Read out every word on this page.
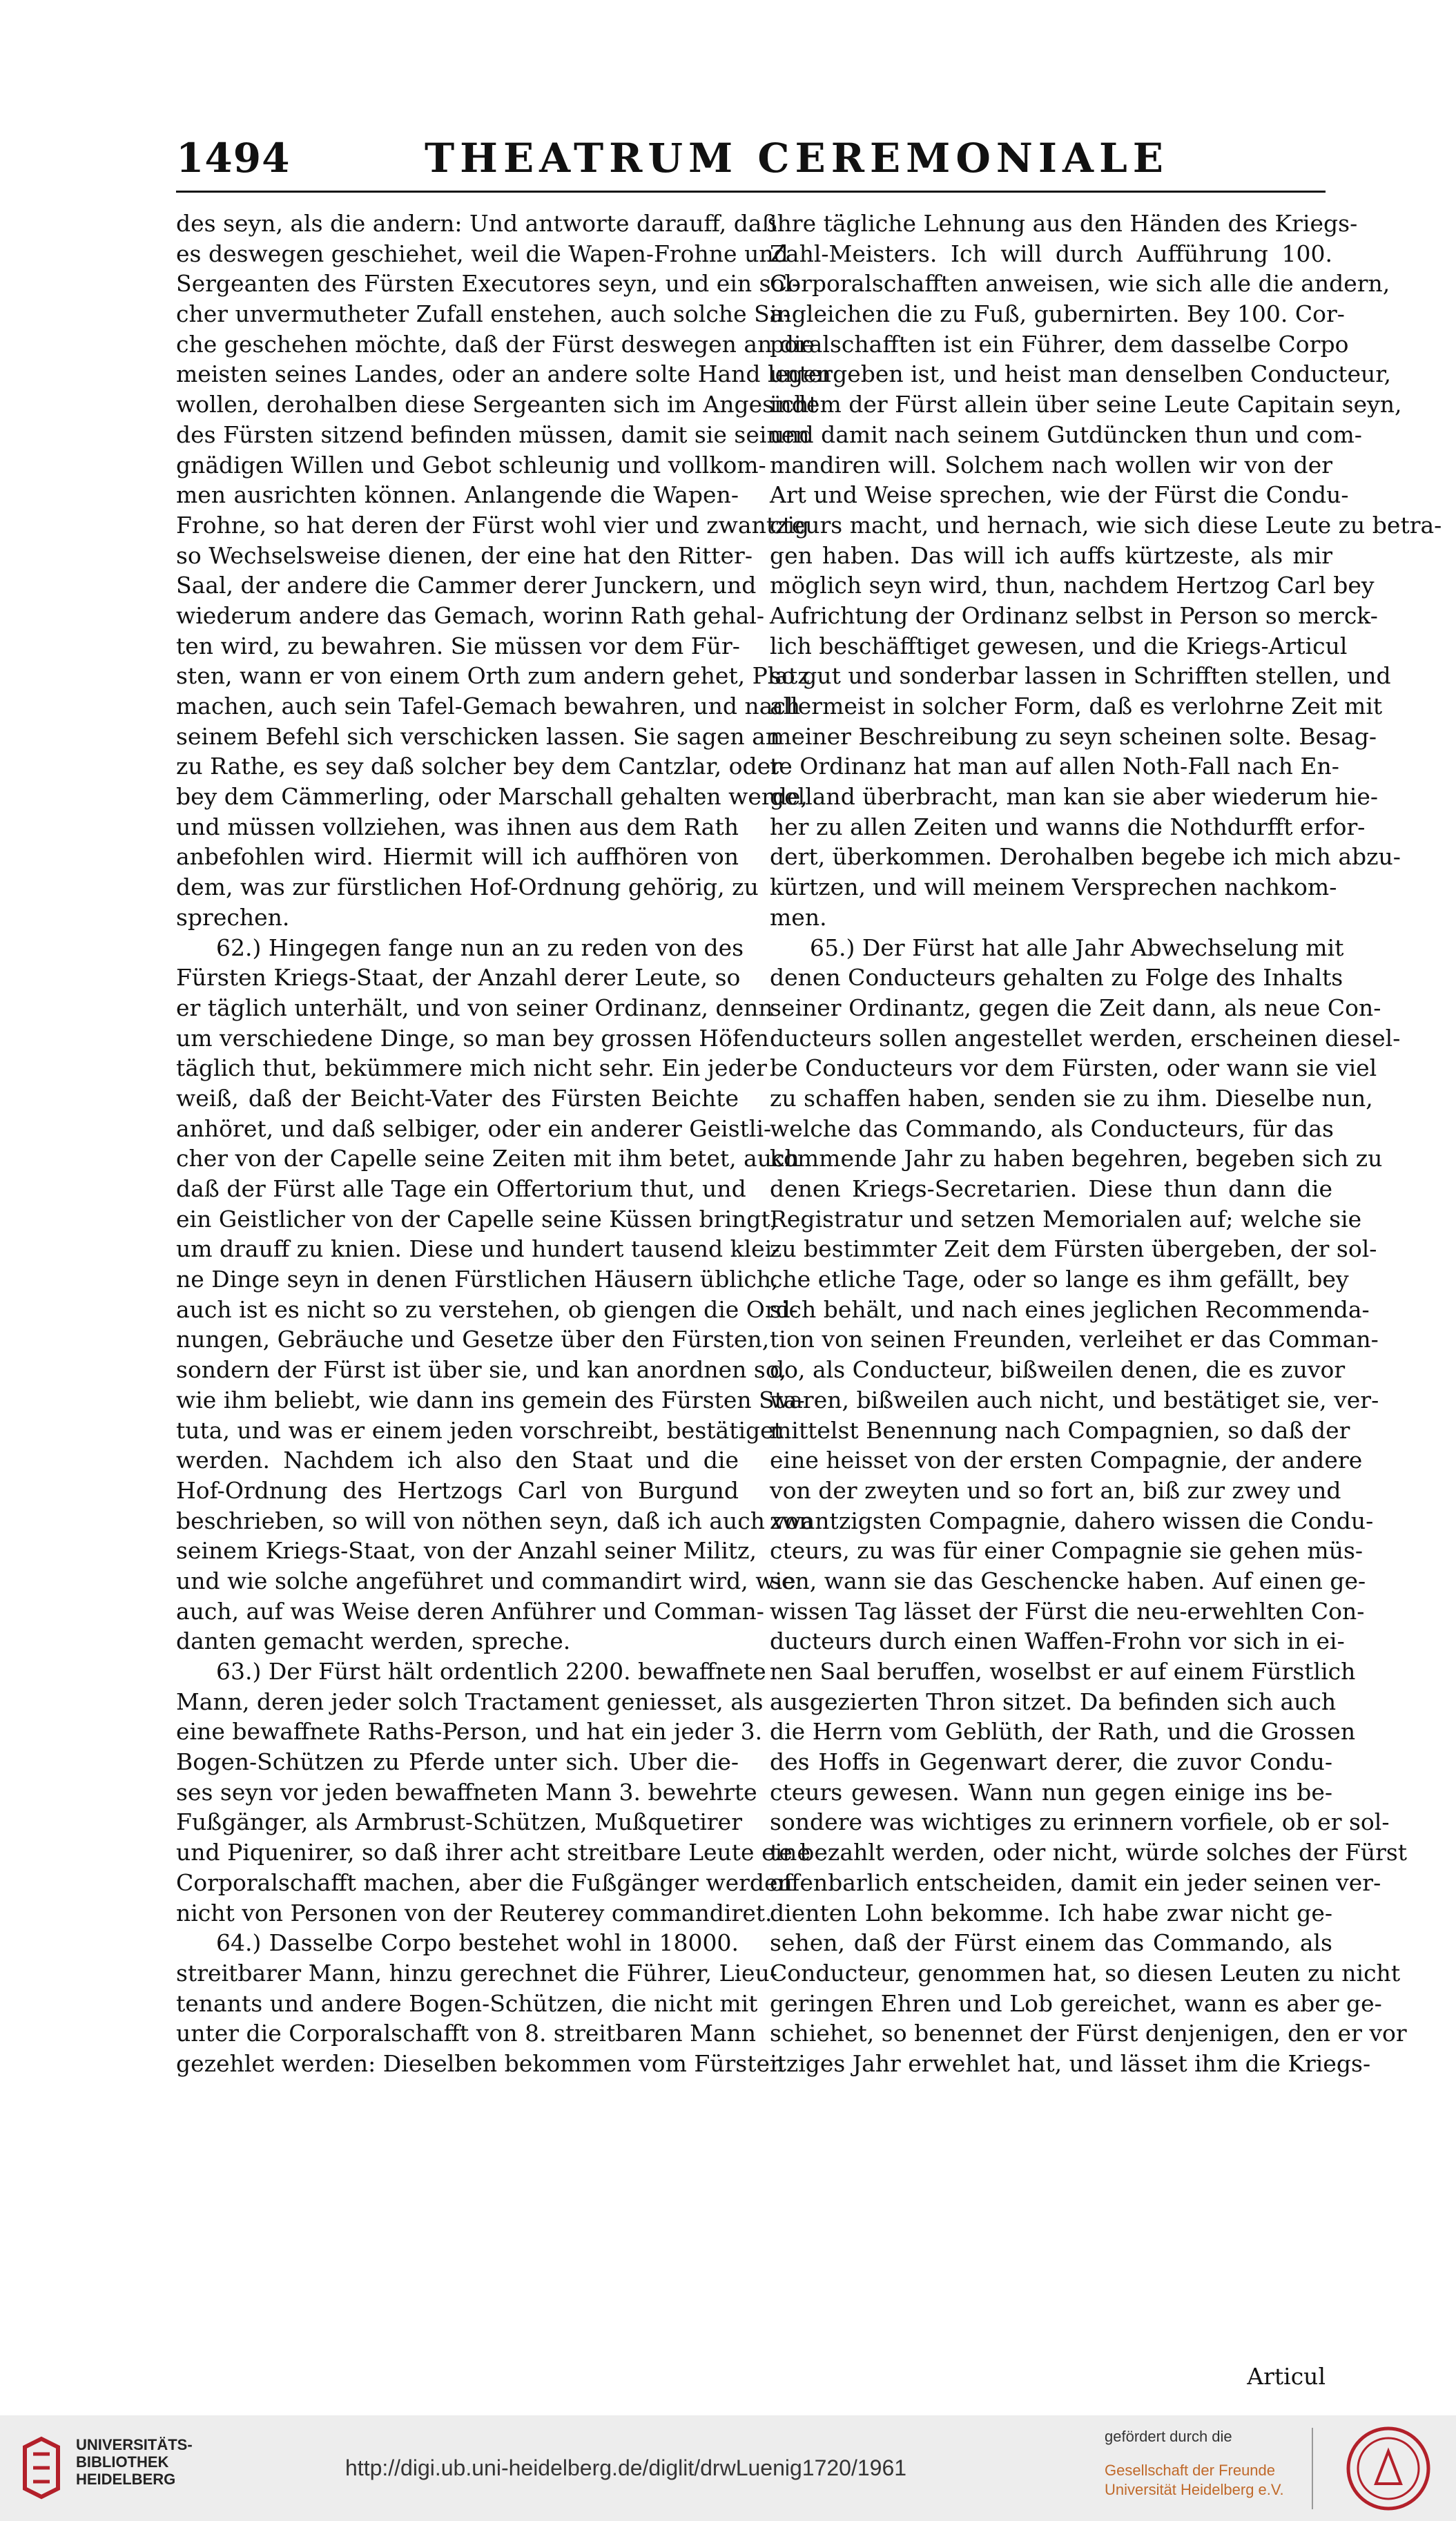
1494	THEATRUM CEREMONIALE
des seyn, als die andern: Und antworte darauff, daß
es deswegen geschiehet, weil die Wapen-Frohne und
Sergeanten des Fürsten Executores seyn, und ein sol-
cher unvermutheter Zufall enstehen, auch solche Sa-
che geschehen möchte, daß der Fürst deswegen an die
meisten seines Landes, oder an andere solte Hand legen
wollen, derohalben diese Sergeanten sich im Angesicht
des Fürsten sitzend befinden müssen, damit sie seinen
gnädigen Willen und Gebot schleunig und vollkom-
men ausrichten können. Anlangende die Wapen-
Frohne, so hat deren der Fürst wohl vier und zwantzig
so Wechselsweise dienen, der eine hat den Ritter-
Saal, der andere die Cammer derer Junckern, und
wiederum andere das Gemach, worinn Rath gehal-
ten wird, zu bewahren. Sie müssen vor dem Für-
sten, wann er von einem Orth zum andern gehet, Platz
machen, auch sein Tafel-Gemach bewahren, und nach
seinem Befehl sich verschicken lassen. Sie sagen an
zu Rathe, es sey daß solcher bey dem Cantzlar, oder
bey dem Cämmerling, oder Marschall gehalten werde,
und müssen vollziehen, was ihnen aus dem Rath
anbefohlen wird. Hiermit will ich auffhören von
dem, was zur fürstlichen Hof-Ordnung gehörig, zu
sprechen.
62.) Hingegen fange nun an zu reden von des
Fürsten Kriegs-Staat, der Anzahl derer Leute, so
er täglich unterhält, und von seiner Ordinanz, denn
um verschiedene Dinge, so man bey grossen Höfen
täglich thut, bekümmere mich nicht sehr. Ein jeder
weiß, daß der Beicht-Vater des Fürsten Beichte
anhöret, und daß selbiger, oder ein anderer Geistli-
cher von der Capelle seine Zeiten mit ihm betet, auch
daß der Fürst alle Tage ein Offertorium thut, und
ein Geistlicher von der Capelle seine Küssen bringt,
um drauff zu knien. Diese und hundert tausend klei-
ne Dinge seyn in denen Fürstlichen Häusern üblich,
auch ist es nicht so zu verstehen, ob giengen die Ord-
nungen, Gebräuche und Gesetze über den Fürsten,
sondern der Fürst ist über sie, und kan anordnen so,
wie ihm beliebt, wie dann ins gemein des Fürsten Sta-
tuta, und was er einem jeden vorschreibt, bestätiget
werden. Nachdem ich also den Staat und die
Hof-Ordnung des Hertzogs Carl von Burgund
beschrieben, so will von nöthen seyn, daß ich auch von
seinem Kriegs-Staat, von der Anzahl seiner Militz,
und wie solche angeführet und commandirt wird, wie
auch, auf was Weise deren Anführer und Comman-
danten gemacht werden, spreche.
63.) Der Fürst hält ordentlich 2200. bewaffnete
Mann, deren jeder solch Tractament geniesset, als
eine bewaffnete Raths-Person, und hat ein jeder 3.
Bogen-Schützen zu Pferde unter sich. Uber die-
ses seyn vor jeden bewaffneten Mann 3. bewehrte
Fußgänger, als Armbrust-Schützen, Mußquetirer
und Piquenirer, so daß ihrer acht streitbare Leute eine
Corporalschafft machen, aber die Fußgänger werden
nicht von Personen von der Reuterey commandiret.
64.) Dasselbe Corpo bestehet wohl in 18000.
streitbarer Mann, hinzu gerechnet die Führer, Lieu-
tenants und andere Bogen-Schützen, die nicht mit
unter die Corporalschafft von 8. streitbaren Mann
gezehlet werden: Dieselben bekommen vom Fürsten
ihre tägliche Lehnung aus den Händen des Kriegs-
Zahl-Meisters. Ich will durch Aufführung 100.
Corporalschafften anweisen, wie sich alle die andern,
ingleichen die zu Fuß, gubernirten. Bey 100. Cor-
poralschafften ist ein Führer, dem dasselbe Corpo
untergeben ist, und heist man denselben Conducteur,
indem der Fürst allein über seine Leute Capitain seyn,
und damit nach seinem Gutdüncken thun und com-
mandiren will. Solchem nach wollen wir von der
Art und Weise sprechen, wie der Fürst die Condu-
cteurs macht, und hernach, wie sich diese Leute zu betra-
gen haben. Das will ich auffs kürtzeste, als mir
möglich seyn wird, thun, nachdem Hertzog Carl bey
Aufrichtung der Ordinanz selbst in Person so merck-
lich beschäfftiget gewesen, und die Kriegs-Articul
so gut und sonderbar lassen in Schrifften stellen, und
allermeist in solcher Form, daß es verlohrne Zeit mit
meiner Beschreibung zu seyn scheinen solte. Besag-
te Ordinanz hat man auf allen Noth-Fall nach En-
gelland überbracht, man kan sie aber wiederum hie-
her zu allen Zeiten und wanns die Nothdurfft erfor-
dert, überkommen. Derohalben begebe ich mich abzu-
kürtzen, und will meinem Versprechen nachkom-
men.
65.) Der Fürst hat alle Jahr Abwechselung mit
denen Conducteurs gehalten zu Folge des Inhalts
seiner Ordinantz, gegen die Zeit dann, als neue Con-
ducteurs sollen angestellet werden, erscheinen diesel-
be Conducteurs vor dem Fürsten, oder wann sie viel
zu schaffen haben, senden sie zu ihm. Dieselbe nun,
welche das Commando, als Conducteurs, für das
kommende Jahr zu haben begehren, begeben sich zu
denen Kriegs-Secretarien. Diese thun dann die
Registratur und setzen Memorialen auf; welche sie
zu bestimmter Zeit dem Fürsten übergeben, der sol-
che etliche Tage, oder so lange es ihm gefällt, bey
sich behält, und nach eines jeglichen Recommenda-
tion von seinen Freunden, verleihet er das Comman-
do, als Conducteur, bißweilen denen, die es zuvor
waren, bißweilen auch nicht, und bestätiget sie, ver-
mittelst Benennung nach Compagnien, so daß der
eine heisset von der ersten Compagnie, der andere
von der zweyten und so fort an, biß zur zwey und
zwantzigsten Compagnie, dahero wissen die Condu-
cteurs, zu was für einer Compagnie sie gehen müs-
sen, wann sie das Geschencke haben. Auf einen ge-
wissen Tag lässet der Fürst die neu-erwehlten Con-
ducteurs durch einen Waffen-Frohn vor sich in ei-
nen Saal beruffen, woselbst er auf einem Fürstlich
ausgezierten Thron sitzet. Da befinden sich auch
die Herrn vom Geblüth, der Rath, und die Grossen
des Hoffs in Gegenwart derer, die zuvor Condu-
cteurs gewesen. Wann nun gegen einige ins be-
sondere was wichtiges zu erinnern vorfiele, ob er sol-
te bezahlt werden, oder nicht, würde solches der Fürst
offenbarlich entscheiden, damit ein jeder seinen ver-
dienten Lohn bekomme. Ich habe zwar nicht ge-
sehen, daß der Fürst einem das Commando, als
Conducteur, genommen hat, so diesen Leuten zu nicht
geringen Ehren und Lob gereichet, wann es aber ge-
schiehet, so benennet der Fürst denjenigen, den er vor
itziges Jahr erwehlet hat, und lässet ihm die Kriegs-
Articul
UNIVERSITÄTS-
BIBLIOTHEK
HEIDELBERG	http://digi.ub.uni-heidelberg.de/diglit/drwLuenig1720/1961
gefördert durch die
Gesellschaft der Freunde
Universität Heidelberg e.V.
